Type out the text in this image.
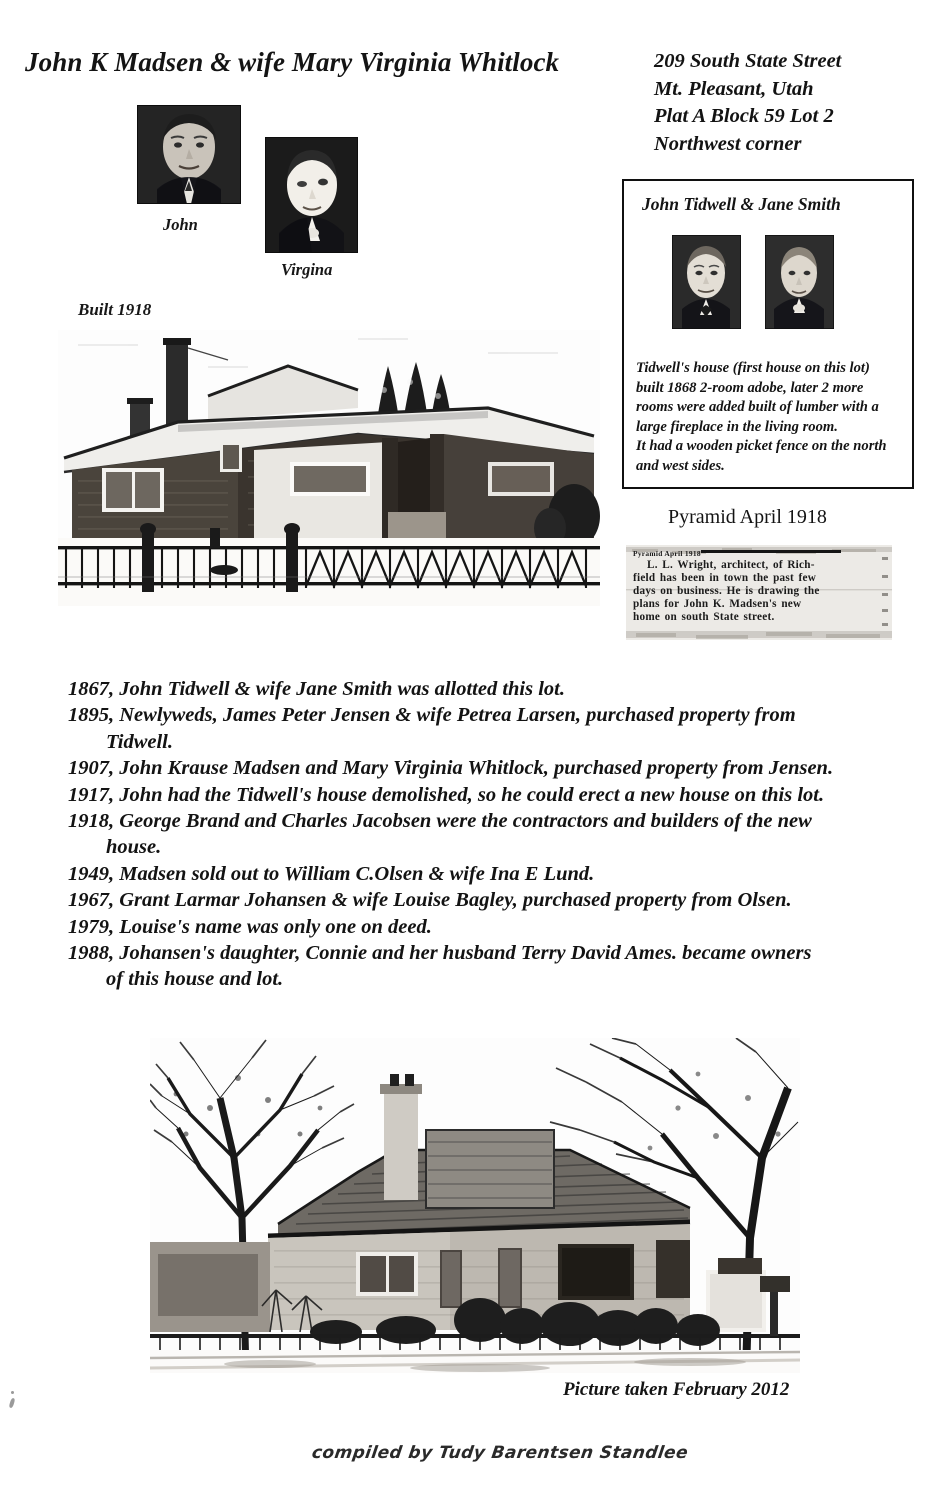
John K Madsen & wife Mary Virginia Whitlock	209 South State Street
Mt. Pleasant, Utah
Plat A Block 59 Lot 2
Northwest corner
John
Virgina
Built 1918
John Tidwell & Jane Smith
Tidwell's house (first house on this lot)
built 1868 2-room adobe, later 2 more
rooms were added built of lumber with a
large fireplace in the living room.
It had a wooden picket fence on the north
and west sides.
Pyramid April 1918
Pyramid April 1918
L. L. Wright, architect, of Rich-
field has been in town the past few
days on business. He is drawing the
plans for John K. Madsen's new
home on south State street.

1867, John Tidwell & wife Jane Smith was allotted this lot.

1895, Newlyweds, James Peter Jensen & wife Petrea Larsen, purchased property from
Tidwell.

1907, John Krause Madsen and Mary Virginia Whitlock, purchased property from Jensen.

1917, John had the Tidwell's house demolished, so he could erect a new house on this lot.

1918, George Brand and Charles Jacobsen were the contractors and builders of the new
house.

1949, Madsen sold out to William C.Olsen & wife Ina E Lund.

1967, Grant Larmar Johansen & wife Louise Bagley, purchased property from Olsen.

1979, Louise's name was only one on deed.

1988, Johansen's daughter, Connie and her husband Terry David Ames. became owners
of this house and lot.

Picture taken February 2012
compiled by Tudy Barentsen Standlee
